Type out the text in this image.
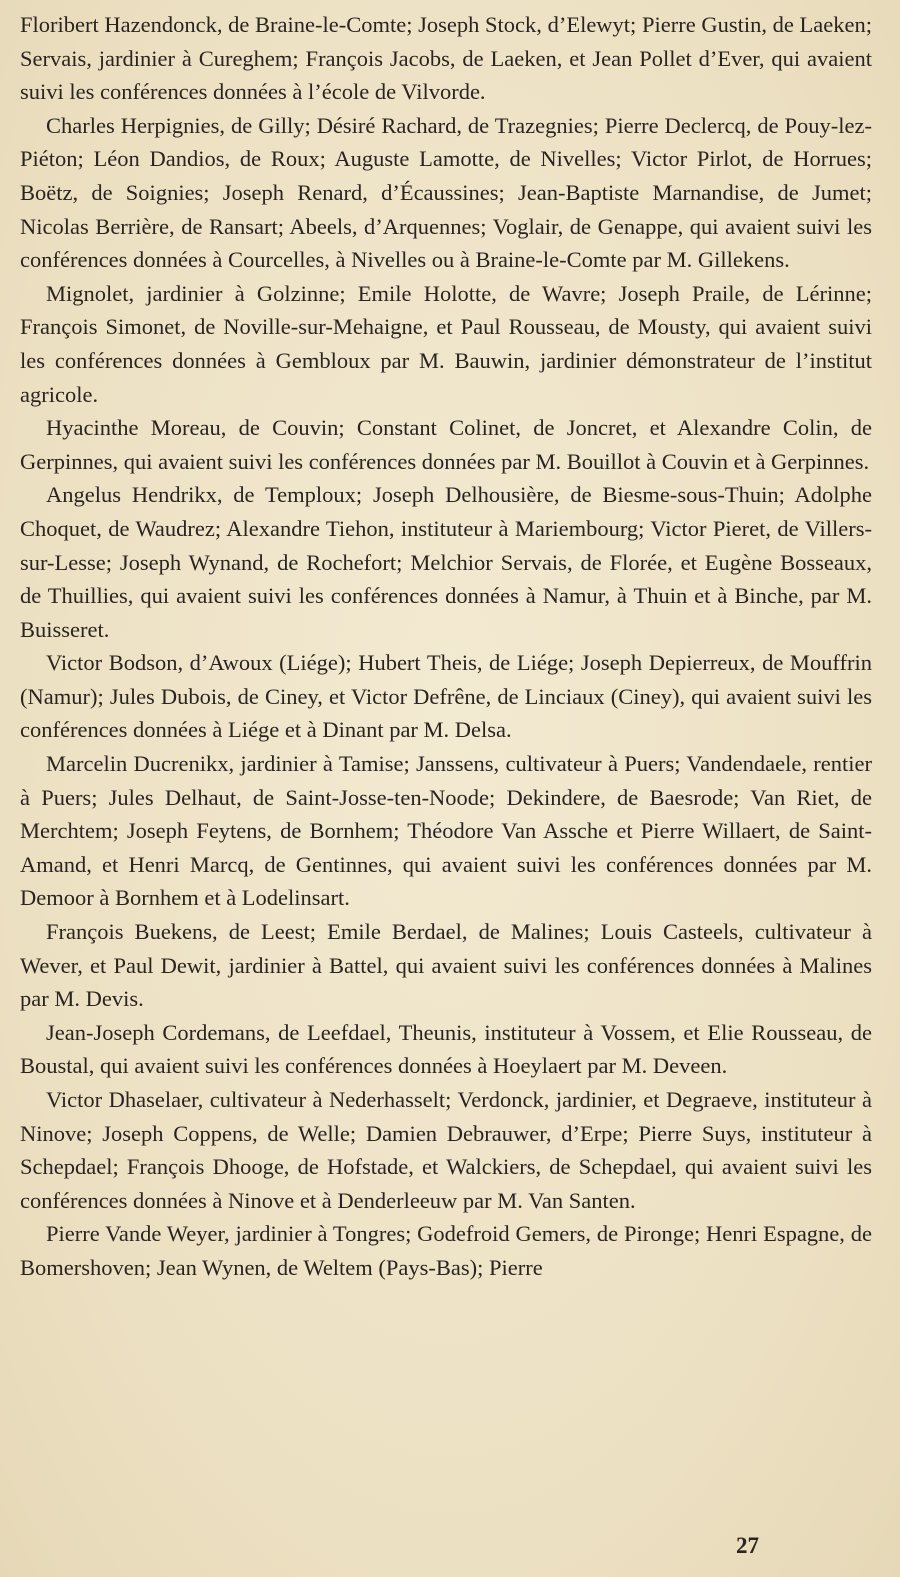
Floribert Hazendonck, de Braine-le-Comte; Joseph Stock, d’Elewyt; Pierre Gustin, de Laeken; Servais, jardinier à Cureghem; François Jacobs, de Laeken, et Jean Pollet d’Ever, qui avaient suivi les conférences données à l’école de Vilvorde.

Charles Herpignies, de Gilly; Désiré Rachard, de Trazegnies; Pierre Declercq, de Pouy-lez-Piéton; Léon Dandios, de Roux; Auguste Lamotte, de Nivelles; Victor Pirlot, de Horrues; Boëtz, de Soignies; Joseph Renard, d’Écaussines; Jean-Baptiste Marnandise, de Jumet; Nicolas Berrière, de Ransart; Abeels, d’Arquennes; Voglair, de Genappe, qui avaient suivi les conférences données à Courcelles, à Nivelles ou à Braine-le-Comte par M. Gillekens.

Mignolet, jardinier à Golzinne; Emile Holotte, de Wavre; Joseph Praile, de Lérinne; François Simonet, de Noville-sur-Mehaigne, et Paul Rousseau, de Mousty, qui avaient suivi les conférences données à Gembloux par M. Bauwin, jardinier démonstrateur de l’institut agricole.

Hyacinthe Moreau, de Couvin; Constant Colinet, de Joncret, et Alexandre Colin, de Gerpinnes, qui avaient suivi les conférences données par M. Bouillot à Couvin et à Gerpinnes.

Angelus Hendrikx, de Temploux; Joseph Delhousière, de Biesme-sous-Thuin; Adolphe Choquet, de Waudrez; Alexandre Tiehon, instituteur à Mariembourg; Victor Pieret, de Villers-sur-Lesse; Joseph Wynand, de Rochefort; Melchior Servais, de Florée, et Eugène Bosseaux, de Thuillies, qui avaient suivi les conférences données à Namur, à Thuin et à Binche, par M. Buisseret.

Victor Bodson, d’Awoux (Liége); Hubert Theis, de Liége; Joseph Depierreux, de Mouffrin (Namur); Jules Dubois, de Ciney, et Victor Defrêne, de Linciaux (Ciney), qui avaient suivi les conférences données à Liége et à Dinant par M. Delsa.

Marcelin Ducrenikx, jardinier à Tamise; Janssens, cultivateur à Puers; Vandendaele, rentier à Puers; Jules Delhaut, de Saint-Josse-ten-Noode; Dekindere, de Baesrode; Van Riet, de Merchtem; Joseph Feytens, de Bornhem; Théodore Van Assche et Pierre Willaert, de Saint-Amand, et Henri Marcq, de Gentinnes, qui avaient suivi les conférences données par M. Demoor à Bornhem et à Lodelinsart.

François Buekens, de Leest; Emile Berdael, de Malines; Louis Casteels, cultivateur à Wever, et Paul Dewit, jardinier à Battel, qui avaient suivi les conférences données à Malines par M. Devis.

Jean-Joseph Cordemans, de Leefdael, Theunis, instituteur à Vossem, et Elie Rousseau, de Boustal, qui avaient suivi les conférences données à Hoeylaert par M. Deveen.

Victor Dhaselaer, cultivateur à Nederhasselt; Verdonck, jardinier, et Degraeve, instituteur à Ninove; Joseph Coppens, de Welle; Damien Debrauwer, d’Erpe; Pierre Suys, instituteur à Schepdael; François Dhooge, de Hofstade, et Walckiers, de Schepdael, qui avaient suivi les conférences données à Ninove et à Denderleeuw par M. Van Santen.

Pierre Vande Weyer, jardinier à Tongres; Godefroid Gemers, de Pironge; Henri Espagne, de Bomershoven; Jean Wynen, de Weltem (Pays-Bas); Pierre

27
